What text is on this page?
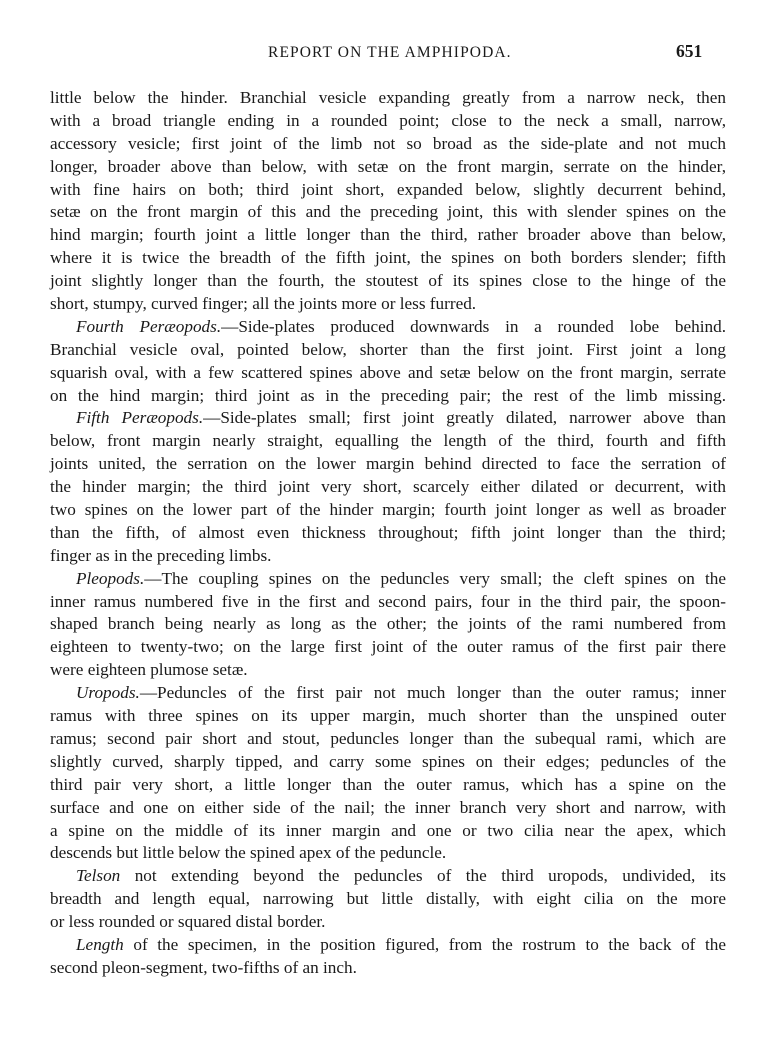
REPORT ON THE AMPHIPODA.	651
little below the hinder. Branchial vesicle expanding greatly from a narrow neck, then
with a broad triangle ending in a rounded point; close to the neck a small, narrow,
accessory vesicle; first joint of the limb not so broad as the side-plate and not much
longer, broader above than below, with setæ on the front margin, serrate on the hinder,
with fine hairs on both; third joint short, expanded below, slightly decurrent behind,
setæ on the front margin of this and the preceding joint, this with slender spines on the
hind margin; fourth joint a little longer than the third, rather broader above than below,
where it is twice the breadth of the fifth joint, the spines on both borders slender; fifth
joint slightly longer than the fourth, the stoutest of its spines close to the hinge of the
short, stumpy, curved finger; all the joints more or less furred.
Fourth Peræopods.—Side-plates produced downwards in a rounded lobe behind.
Branchial vesicle oval, pointed below, shorter than the first joint. First joint a long
squarish oval, with a few scattered spines above and setæ below on the front margin, serrate
on the hind margin; third joint as in the preceding pair; the rest of the limb missing.
Fifth Peræopods.—Side-plates small; first joint greatly dilated, narrower above than
below, front margin nearly straight, equalling the length of the third, fourth and fifth
joints united, the serration on the lower margin behind directed to face the serration of
the hinder margin; the third joint very short, scarcely either dilated or decurrent, with
two spines on the lower part of the hinder margin; fourth joint longer as well as broader
than the fifth, of almost even thickness throughout; fifth joint longer than the third;
finger as in the preceding limbs.
Pleopods.—The coupling spines on the peduncles very small; the cleft spines on the
inner ramus numbered five in the first and second pairs, four in the third pair, the spoon-
shaped branch being nearly as long as the other; the joints of the rami numbered from
eighteen to twenty-two; on the large first joint of the outer ramus of the first pair there
were eighteen plumose setæ.
Uropods.—Peduncles of the first pair not much longer than the outer ramus; inner
ramus with three spines on its upper margin, much shorter than the unspined outer
ramus; second pair short and stout, peduncles longer than the subequal rami, which are
slightly curved, sharply tipped, and carry some spines on their edges; peduncles of the
third pair very short, a little longer than the outer ramus, which has a spine on the
surface and one on either side of the nail; the inner branch very short and narrow, with
a spine on the middle of its inner margin and one or two cilia near the apex, which
descends but little below the spined apex of the peduncle.
Telson not extending beyond the peduncles of the third uropods, undivided, its
breadth and length equal, narrowing but little distally, with eight cilia on the more
or less rounded or squared distal border.
Length of the specimen, in the position figured, from the rostrum to the back of the
second pleon-segment, two-fifths of an inch.
